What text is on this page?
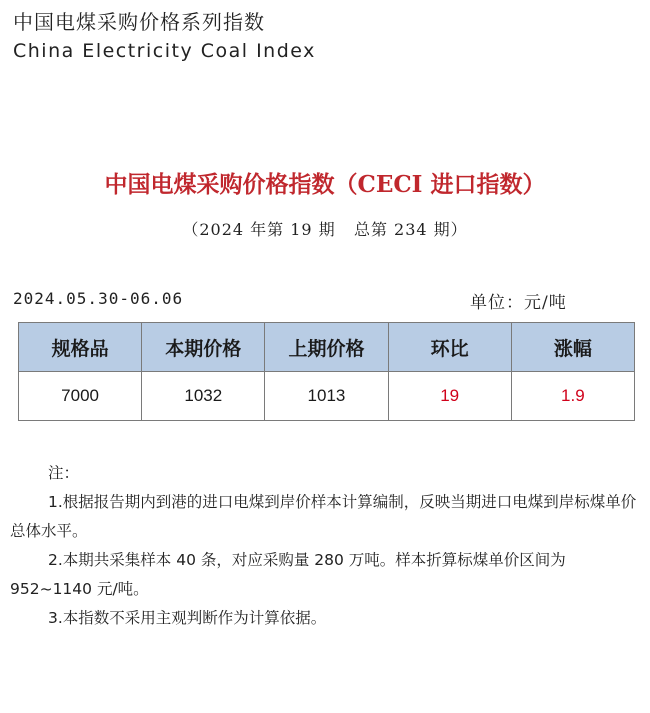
中国电煤采购价格系列指数
China Electricity Coal Index
中国电煤采购价格指数（CECI 进口指数）
（2024 年第 19 期   总第 234 期）
2024.05.30-06.06	单位：元/吨
规格品	本期价格	上期价格	环比	涨幅
7000	1032	1013	19	1.9

注：

1.根据报告期内到港的进口电煤到岸价样本计算编制，反映当期进口电煤到岸标煤单价总体水平。

2.本期共采集样本 40 条，对应采购量 280 万吨。样本折算标煤单价区间为 952~1140 元/吨。

3.本指数不采用主观判断作为计算依据。
